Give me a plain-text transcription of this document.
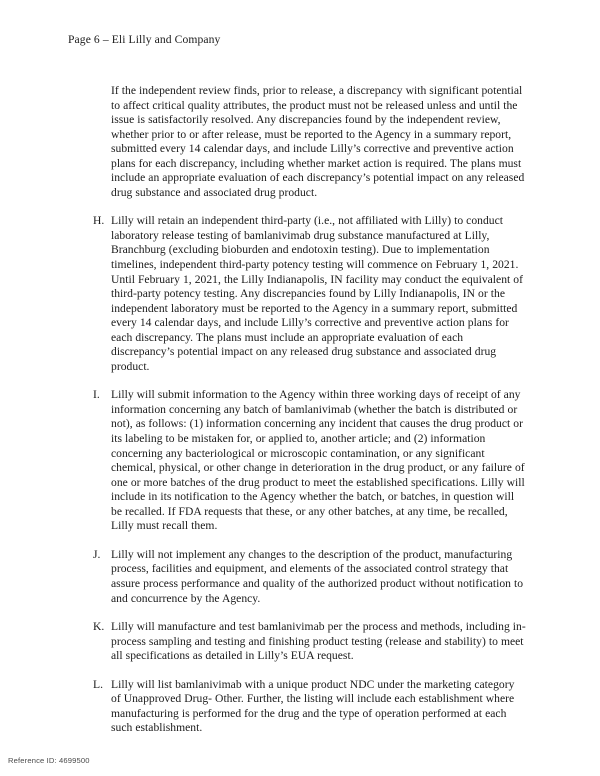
Page 6 – Eli Lilly and Company

If the independent review finds, prior to release, a discrepancy with significant potential to affect critical quality attributes, the product must not be released unless and until the issue is satisfactorily resolved. Any discrepancies found by the independent review, whether prior to or after release, must be reported to the Agency in a summary report, submitted every 14 calendar days, and include Lilly’s corrective and preventive action plans for each discrepancy, including whether market action is required. The plans must include an appropriate evaluation of each discrepancy’s potential impact on any released drug substance and associated drug product.

H. Lilly will retain an independent third-party (i.e., not affiliated with Lilly) to conduct laboratory release testing of bamlanivimab drug substance manufactured at Lilly, Branchburg (excluding bioburden and endotoxin testing). Due to implementation timelines, independent third-party potency testing will commence on February 1, 2021. Until February 1, 2021, the Lilly Indianapolis, IN facility may conduct the equivalent of third-party potency testing. Any discrepancies found by Lilly Indianapolis, IN or the independent laboratory must be reported to the Agency in a summary report, submitted every 14 calendar days, and include Lilly’s corrective and preventive action plans for each discrepancy. The plans must include an appropriate evaluation of each discrepancy’s potential impact on any released drug substance and associated drug product.
I. Lilly will submit information to the Agency within three working days of receipt of any information concerning any batch of bamlanivimab (whether the batch is distributed or not), as follows: (1) information concerning any incident that causes the drug product or its labeling to be mistaken for, or applied to, another article; and (2) information concerning any bacteriological or microscopic contamination, or any significant chemical, physical, or other change in deterioration in the drug product, or any failure of one or more batches of the drug product to meet the established specifications. Lilly will include in its notification to the Agency whether the batch, or batches, in question will be recalled. If FDA requests that these, or any other batches, at any time, be recalled, Lilly must recall them.
J. Lilly will not implement any changes to the description of the product, manufacturing process, facilities and equipment, and elements of the associated control strategy that assure process performance and quality of the authorized product without notification to and concurrence by the Agency.
K. Lilly will manufacture and test bamlanivimab per the process and methods, including in-process sampling and testing and finishing product testing (release and stability) to meet all specifications as detailed in Lilly’s EUA request.
L. Lilly will list bamlanivimab with a unique product NDC under the marketing category of Unapproved Drug- Other. Further, the listing will include each establishment where manufacturing is performed for the drug and the type of operation performed at each such establishment.
Reference ID: 4699500
